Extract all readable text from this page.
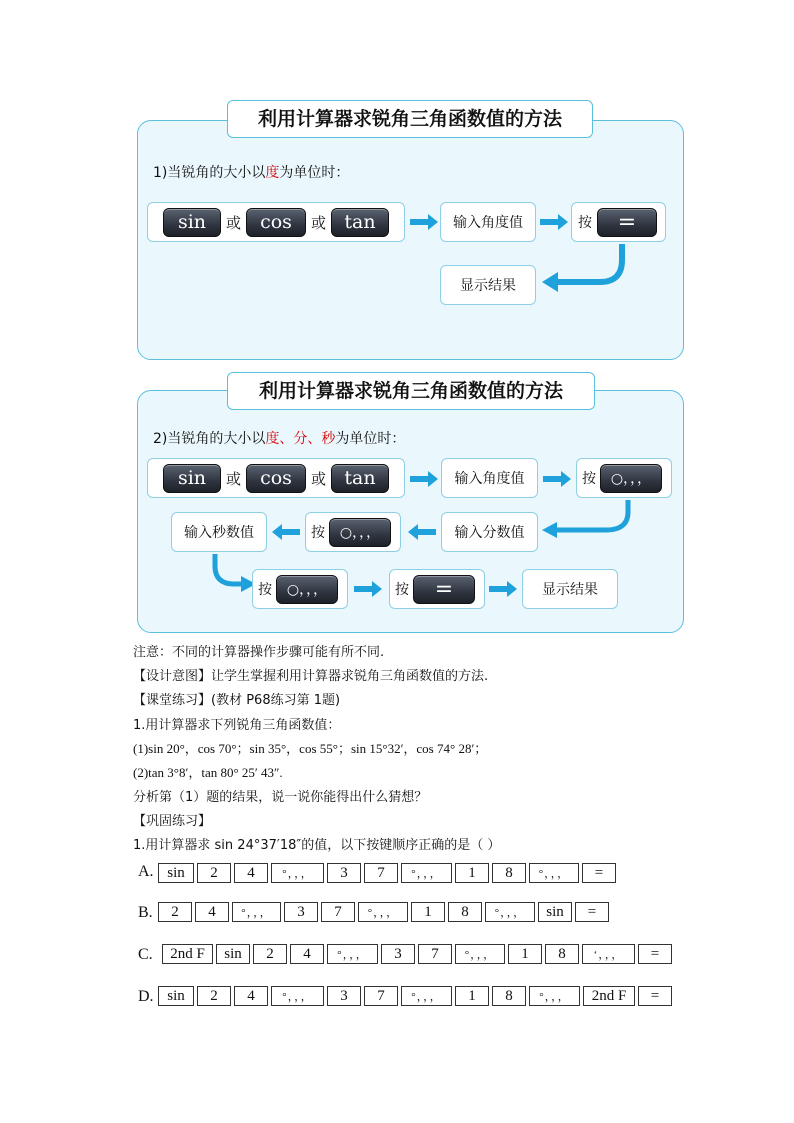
利用计算器求锐角三角函数值的方法
1)当锐角的大小以度为单位时：
sin	或	cos	或 tan	输入角度值	按	=
显示结果
利用计算器求锐角三角函数值的方法
2)当锐角的大小以度、分、秒为单位时：
sin	或	cos	或 tan	输入角度值	按	○，，，
输入分数值
按	○，，，
输入秒数值
按	○，，，	按	=	显示结果
注意：不同的计算器操作步骤可能有所不同.
【设计意图】让学生掌握利用计算器求锐角三角函数值的方法.
【课堂练习】(教材 P68练习第 1题)
1.用计算器求下列锐角三角函数值：
(1)sin 20°，cos 70°；sin 35°，cos 55°；sin 15°32′，cos 74° 28′；
(2)tan 3°8′，tan 80° 25′ 43″.
分析第（1）题的结果，说一说你能得出什么猜想？
【巩固练习】
1.用计算器求 sin 24°37′18″的值，以下按键顺序正确的是（ ）
A. sin	2	4	°，，，	3	7	°，，，	1	8	°，，，	=
B.	2	4	°，，，	3	7	°，，，	1	8	°，，，	sin	=
C.	2nd F	sin	2	4	°，，，	3	7	°，，，	1	8	‘，，，	=
D. sin	2	4	°，，，	3	7	°，，，	1	8	°，，，	2nd F	=
